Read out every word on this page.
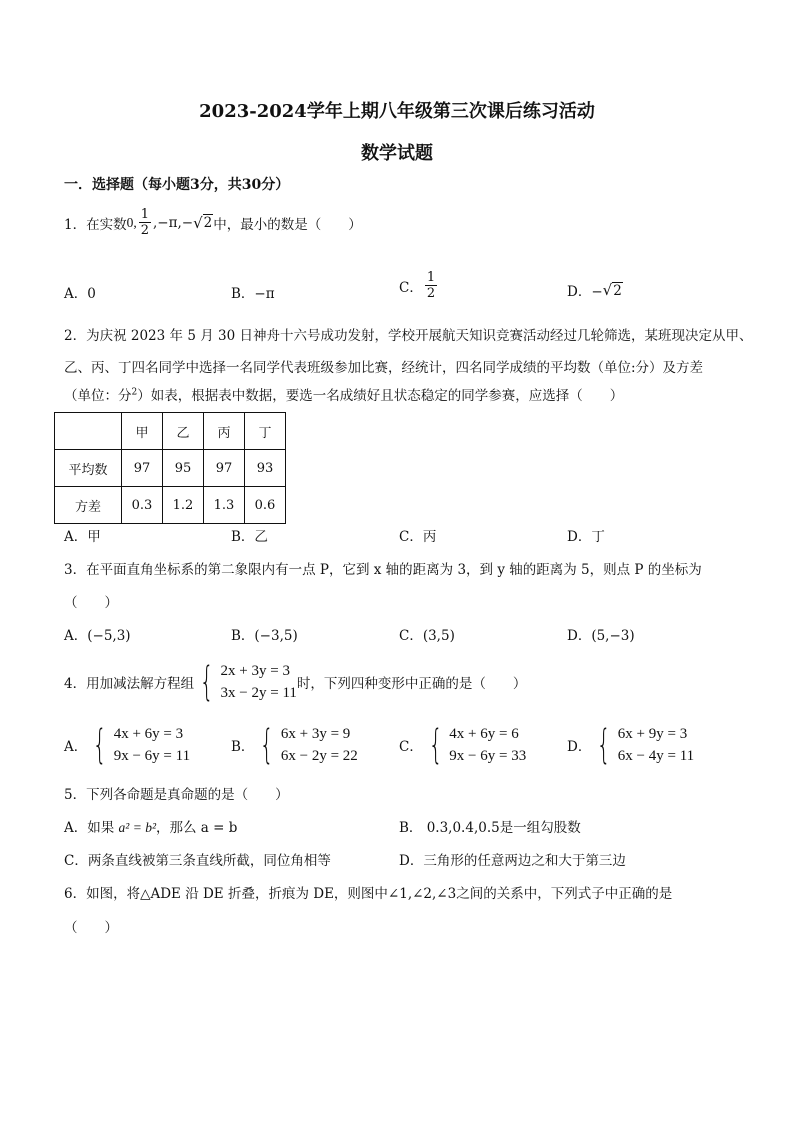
2023-2024学年上期八年级第三次课后练习活动
数学试题
一．选择题（每小题3分，共30分）
1．在实数 0, $\frac{1}{2} ,-\pi,-$ √ 2 中，最小的数是（　　）
A．0	B．−π	C． $\frac{1}{2}$	D．− √ 2
2．为庆祝 2023 年 5 月 30 日神舟十六号成功发射，学校开展航天知识竞赛活动经过几轮筛选，某班现决定从甲、
乙、丙、丁四名同学中选择一名同学代表班级参加比赛，经统计，四名同学成绩的平均数（单位:分）及方差
（单位：分$^2$）如表，根据表中数据，要选一名成绩好且状态稳定的同学参赛，应选择（　　）
	甲	乙	丙	丁
平均数	97	95	97	93
方差	0.3	1.2	1.3	0.6
A．甲	B．乙	C．丙	D．丁
3．在平面直角坐标系的第二象限内有一点 P，它到 x 轴的距离为 3，到 y 轴的距离为 5，则点 P 的坐标为
（　　）
A．(−5,3)	B．(−3,5)	C．(3,5)	D．(5,−3)
4．用加减法解方程组 { 2x + 3y = 3
3x − 2y = 11
时，下列四种变形中正确的是（　　）
A． { 4x + 6y = 3
9x − 6y = 11
B． { 6x + 3y = 9
6x − 2y = 22
C． { 4x + 6y = 6
9x − 6y = 33
D． { 6x + 9y = 3
6x − 4y = 11
5．下列各命题是真命题的是（　　）
A．如果 a² = b²，那么 a = b	B． 0.3,0.4,0.5是一组勾股数
C．两条直线被第三条直线所截，同位角相等	D．三角形的任意两边之和大于第三边
6．如图，将△ADE 沿 DE 折叠，折痕为 DE，则图中∠1,∠2,∠3之间的关系中，下列式子中正确的是
（　　）
